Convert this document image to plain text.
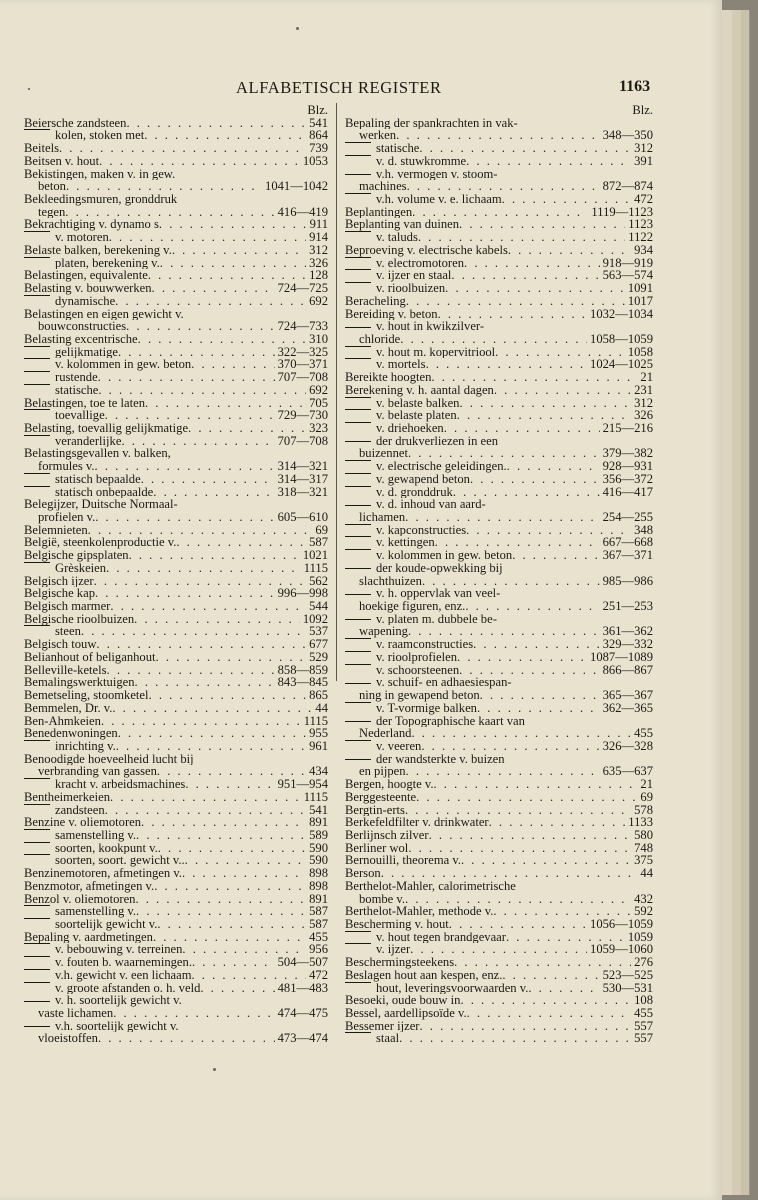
ALFABETISCH REGISTER	1163
Blz.
Beiersche zandsteen . . .	541
kolen, stoken met . . .	864
Beitels . . .	739
Beitsen v. hout . . .	1053
Bekistingen, maken v. in gew.
beton . . .	1041—1042
Bekleedingsmuren, gronddruk
tegen . . .	416—419
Bekrachtiging v. dynamo s . . .	911
v. motoren . . .	914
Belaste balken, berekening v. . . .	312
platen, berekening v. . . .	326
Belastingen, equivalente . . .	128
Belasting v. bouwwerken . . .	724—725
dynamische . . .	692
Belastingen en eigen gewicht v.
bouwconstructies . . .	724—733
Belasting excentrische . . .	310
gelijkmatige . . .	322—325
v. kolommen in gew. beton . . .	370—371
rustende . . .	707—708
statische . . .	692
Belastingen, toe te laten . . .	705
toevallige . . .	729—730
Belasting, toevallig gelijkmatige . . .	323
veranderlijke . . .	707—708
Belastingsgevallen v. balken,
formules v. . . .	314—321
statisch bepaalde . . .	314—317
statisch onbepaalde . . .	318—321
Belegijzer, Duitsche Normaal-
profielen v. . . .	605—610
Belemnieten . . .	69
België, steenkolenproductie v. . . .	587
Belgische gipsplaten . . .	1021
Grèskeien . . .	1115
Belgisch ijzer . . .	562
Belgische kap . . .	996—998
Belgisch marmer . . .	544
Belgische rioolbuizen . . .	1092
steen . . .	537
Belgisch touw . . .	677
Belianhout of beliganhout . . .	529
Belleville-ketels . . .	858—859
Bemalingswerktuigen . . .	843—845
Bemetseling, stoomketel . . .	865
Bemmelen, Dr. v. . . .	44
Ben-Ahmkeien . . .	1115
Benedenwoningen . . .	955
inrichting v. . . .	961
Benoodigde hoeveelheid lucht bij
verbranding van gassen . . .	434
kracht v. arbeidsmachines . . .	951—954
Bentheimerkeien . . .	1115
zandsteen . . .	541
Benzine v. oliemotoren . . .	891
samenstelling v. . . .	589
soorten, kookpunt v. . . .	590
soorten, soort. gewicht v.. . . .	590
Benzinemotoren, afmetingen v. . . .	898
Benzmotor, afmetingen v. . . .	898
Benzol v. oliemotoren . . .	891
samenstelling v. . . .	587
soortelijk gewicht v. . . .	587
Bepaling v. aardmetingen . . .	455
v. bebouwing v. terreinen . . .	956
v. fouten b. waarnemingen. . . .	504—507
v.h. gewicht v. een lichaam . . .	472
v. groote afstanden o. h. veld . . .	481—483
v. h. soortelijk gewicht v.
vaste lichamen . . .	474—475
v.h. soortelijk gewicht v.
vloeistoffen . . .	473—474
Blz.
Bepaling der spankrachten in vak-
werken . . .	348—350
statische . . .	312
v. d. stuwkromme . . .	391
v.h. vermogen v. stoom-
machines . . .	872—874
v.h. volume v. e. lichaam . . .	472
Beplantingen . . .	1119—1123
Beplanting van duinen . . .	1123
v. taluds . . .	1122
Beproeving v. electrische kabels . . .	934
v. electromotoren . . .	918—919
v. ijzer en staal . . .	563—574
v. rioolbuizen . . .	1091
Beracheling . . .	1017
Bereiding v. beton . . .	1032—1034
v. hout in kwikzilver-
chloride . . .	1058—1059
v. hout m. kopervitriool . . .	1058
v. mortels . . .	1024—1025
Bereikte hoogten . . .	21
Berekening v. h. aantal dagen . . .	231
v. belaste balken . . .	312
v. belaste platen . . .	326
v. driehoeken . . .	215—216
der drukverliezen in een
buizennet . . .	379—382
v. electrische geleidingen. . . .	928—931
v. gewapend beton . . .	356—372
v. d. gronddruk . . .	416—417
v. d. inhoud van aard-
lichamen . . .	254—255
v. kapconstructies . . .	348
v. kettingen . . .	667—668
v. kolommen in gew. beton . . .	367—371
der koude-opwekking bij
slachthuizen . . .	985—986
v. h. oppervlak van veel-
hoekige figuren, enz. . . .	251—253
v. platen m. dubbele be-
wapening . . .	361—362
v. raamconstructies . . .	329—332
v. rioolprofielen . . .	1087—1089
v. schoorsteenen . . .	866—867
v. schuif- en adhaesiespan-
ning in gewapend beton . . .	365—367
v. T-vormige balken . . .	362—365
der Topographische kaart van
Nederland . . .	455
v. veeren . . .	326—328
der wandsterkte v. buizen
en pijpen . . .	635—637
Bergen, hoogte v. . . .	21
Berggesteente . . .	69
Bergtin-erts . . .	578
Berkefeldfilter v. drinkwater . . .	1133
Berlijnsch zilver . . .	580
Berliner wol . . .	748
Bernouilli, theorema v. . . .	375
Berson . . .	44
Berthelot-Mahler, calorimetrische
bombe v. . . .	432
Berthelot-Mahler, methode v. . . .	592
Bescherming v. hout . . .	1056—1059
v. hout tegen brandgevaar . . .	1059
v. ijzer . . .	1059—1060
Beschermingsteekens . . .	276
Beslagen hout aan kespen, enz. . . .	523—525
hout, leveringsvoorwaarden v. . . .	530—531
Besoeki, oude bouw in . . .	108
Bessel, aardellipsoïde v. . . .	455
Bessemer ijzer . . .	557
staal . . .	557
